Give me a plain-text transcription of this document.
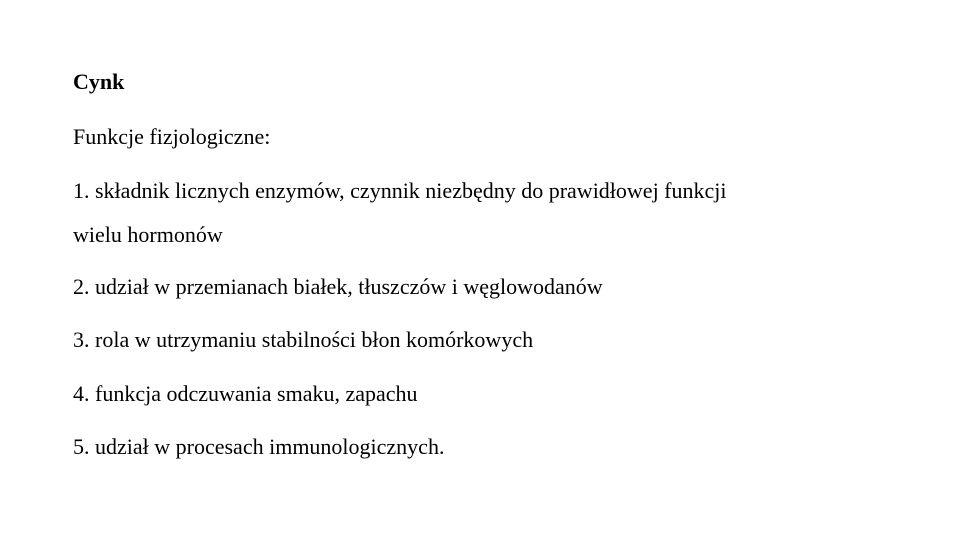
Cynk
Funkcje fizjologiczne:
1. składnik licznych enzymów, czynnik niezbędny do prawidłowej funkcji
wielu hormonów
2. udział w przemianach białek, tłuszczów i węglowodanów
3. rola w utrzymaniu stabilności błon komórkowych
4. funkcja odczuwania smaku, zapachu
5. udział w procesach immunologicznych.
